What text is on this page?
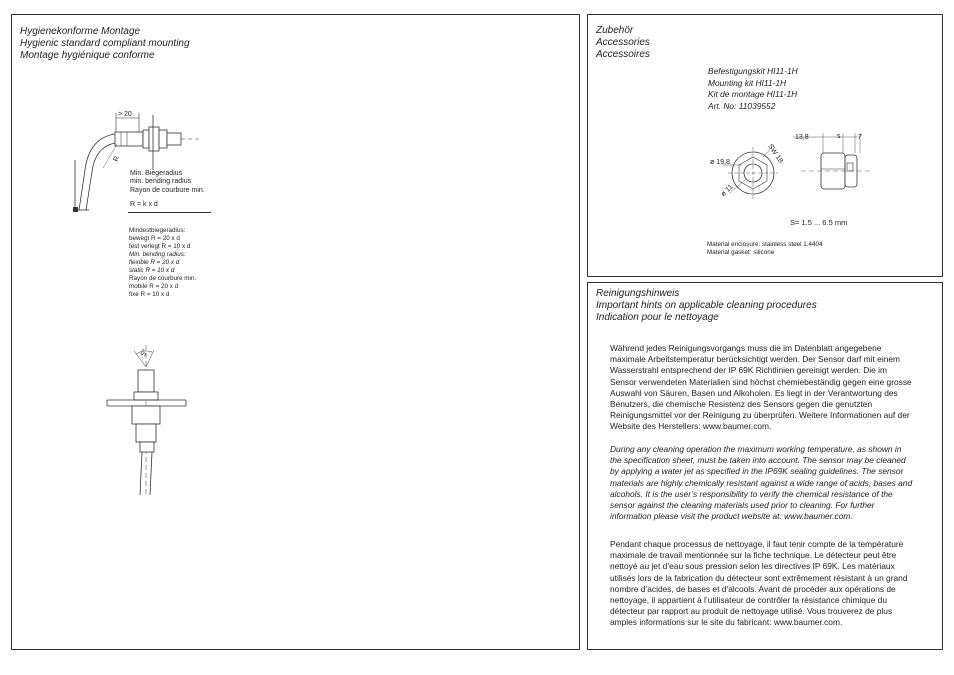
Hygienekonforme Montage
Hygienic standard compliant mounting
Montage hygiénique conforme
> 20
R
Min. Biegeradius
min. bending radius
Rayon de courbure min.
R = k x d
Mindestbiegeradius:
bewegt R = 20 x d
fest verlegt R = 10 x d
Min. bending radius:
flexible R = 20 x d
static R = 10 x d
Rayon de courbure min.
mobile R = 20 x d
fixe R = 10 x d
5°
Zubehör
Accessories
Accessoires
Befestigungskit HI11-1H
Mounting kit HI11-1H
Kit de montage HI11-1H
Art. No: 11039552
ø 19,8
ø 11
SW 18
13,8	s	7
S= 1.5 ... 6.5 mm
Material enclosure: stainless steel 1.4404
Material gasket: silicone
Reinigungshinweis
Important hints on applicable cleaning procedures
Indication pour le nettoyage
Während jedes Reinigungsvorgangs muss die im Datenblatt angegebene maximale Arbeitstemperatur berücksichtigt werden. Der Sensor darf mit einem Wasserstrahl entsprechend der IP 69K Richtlinien gereinigt werden. Die im Sensor verwendeten Materialien sind höchst chemiebeständig gegen eine grosse Auswahl von Säuren, Basen und Alkoholen. Es liegt in der Verantwortung des Benutzers, die chemische Resistenz des Sensors gegen die genutzten Reinigungsmittel vor der Reinigung zu überprüfen. Weitere Informationen auf der Website des Herstellers: www.baumer.com.
During any cleaning operation the maximum working temperature, as shown in the specification sheet, must be taken into account. The sensor may be cleaned by applying a water jet as specified in the IP69K sealing guidelines. The sensor materials are highly chemically resistant against a wide range of acids, bases and alcohols. It is the user’s responsibility to verify the chemical resistance of the sensor against the cleaning materials used prior to cleaning. For further information please visit the product website at: www.baumer.com.
Pendant chaque processus de nettoyage, il faut tenir compte de la température maximale de travail mentionnée sur la fiche technique. Le détecteur peut être nettoyé au jet d’eau sous pression selon les directives IP 69K. Les matériaux utilisés lors de la fabrication du détecteur sont extrêmement résistant à un grand nombre d’acides, de bases et d’alcools. Avant de procéder aux opérations de nettoyage, il appartient à l’utilisateur de contrôler la résistance chimique du détecteur par rapport au produit de nettoyage utilisé. Vous trouverez de plus amples informations sur le site du fabricant: www.baumer.com.
